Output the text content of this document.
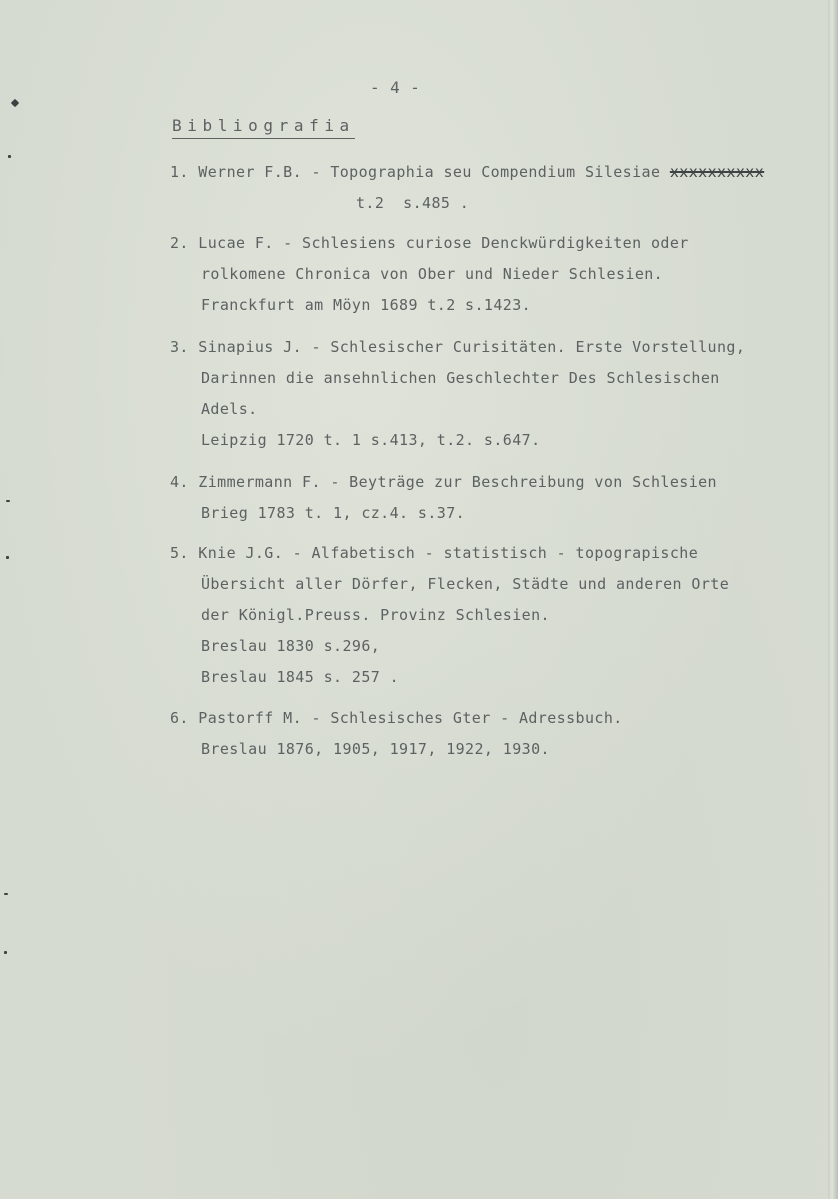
- 4 -
Bibliografia
1. Werner F.B. - Topographia seu Compendium Silesiae xxxxxxxxxx
t.2  s.485 .
2. Lucae F. - Schlesiens curiose Denckwürdigkeiten oder
rolkomene Chronica von Ober und Nieder Schlesien.
Franckfurt am Möyn 1689 t.2 s.1423.
3. Sinapius J. - Schlesischer Curisitäten. Erste Vorstellung,
Darinnen die ansehnlichen Geschlechter Des Schlesischen
Adels.
Leipzig 1720 t. 1 s.413, t.2. s.647.
4. Zimmermann F. - Beyträge zur Beschreibung von Schlesien
Brieg 1783 t. 1, cz.4. s.37.
5. Knie J.G. - Alfabetisch - statistisch - topograpische
Übersicht aller Dörfer, Flecken, Städte und anderen Orte
der Königl.Preuss. Provinz Schlesien.
Breslau 1830 s.296,
Breslau 1845 s. 257 .
6. Pastorff M. - Schlesisches Gter - Adressbuch.
Breslau 1876, 1905, 1917, 1922, 1930.
